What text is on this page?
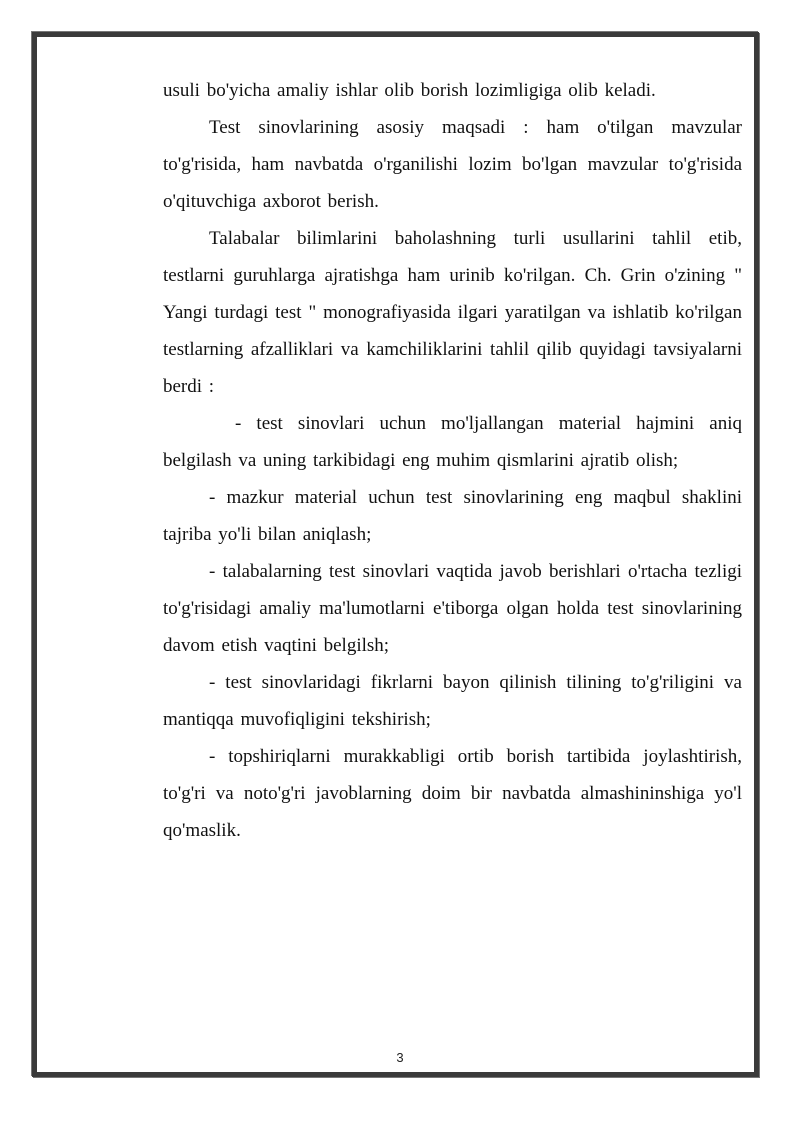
usuli bo'yicha amaliy ishlar olib borish lozimligiga olib keladi.

Test sinovlarining asosiy maqsadi : ham o'tilgan mavzular to'g'risida, ham navbatda o'rganilishi lozim bo'lgan mavzular to'g'risida o'qituvchiga axborot berish.

Talabalar bilimlarini baholashning turli usullarini tahlil etib, testlarni guruhlarga ajratishga ham urinib ko'rilgan. Ch. Grin o'zining " Yangi turdagi test " monografiyasida ilgari yaratilgan va ishlatib ko'rilgan testlarning afzalliklari va kamchiliklarini tahlil qilib quyidagi tavsiyalarni berdi :

- test sinovlari uchun mo'ljallangan material hajmini aniq belgilash va uning tarkibidagi eng muhim qismlarini ajratib olish;

- mazkur material uchun test sinovlarining eng maqbul shaklini tajriba yo'li bilan aniqlash;

- talabalarning test sinovlari vaqtida javob berishlari o'rtacha tezligi to'g'risidagi amaliy ma'lumotlarni e'tiborga olgan holda test sinovlarining davom etish vaqtini belgilsh;

- test sinovlaridagi fikrlarni bayon qilinish tilining to'g'riligini va mantiqqa muvofiqligini tekshirish;

- topshiriqlarni murakkabligi ortib borish tartibida joylashtirish, to'g'ri va noto'g'ri javoblarning doim bir navbatda almashininshiga yo'l qo'maslik.

3
